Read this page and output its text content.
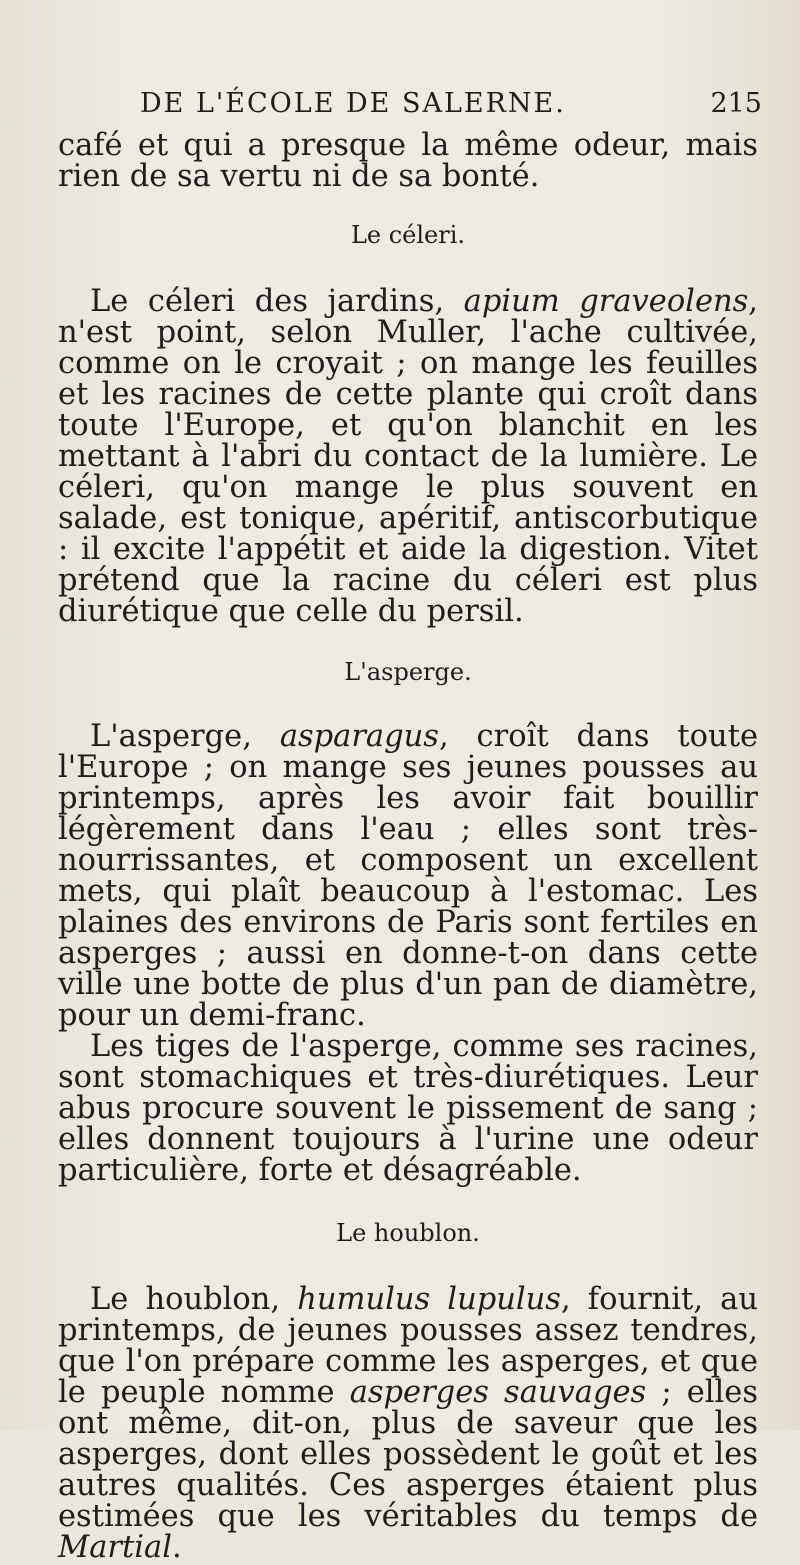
DE L'ÉCOLE DE SALERNE.	215

café et qui a presque la même odeur, mais rien de sa vertu ni de sa bonté.

Le céleri.

Le céleri des jardins, apium graveolens, n'est point, selon Muller, l'ache cultivée, comme on le croyait ; on mange les feuilles et les racines de cette plante qui croît dans toute l'Europe, et qu'on blanchit en les mettant à l'abri du contact de la lumière. Le céleri, qu'on mange le plus souvent en salade, est tonique, apéritif, antiscorbutique : il excite l'appétit et aide la digestion. Vitet prétend que la racine du céleri est plus diurétique que celle du persil.

L'asperge.

L'asperge, asparagus, croît dans toute l'Europe ; on mange ses jeunes pousses au printemps, après les avoir fait bouillir légèrement dans l'eau ; elles sont très-nourrissantes, et composent un excellent mets, qui plaît beaucoup à l'estomac. Les plaines des environs de Paris sont fertiles en asperges ; aussi en donne-t-on dans cette ville une botte de plus d'un pan de diamètre, pour un demi-franc.

Les tiges de l'asperge, comme ses racines, sont stomachiques et très-diurétiques. Leur abus procure souvent le pissement de sang ; elles donnent toujours à l'urine une odeur particulière, forte et désagréable.

Le houblon.

Le houblon, humulus lupulus, fournit, au printemps, de jeunes pousses assez tendres, que l'on prépare comme les asperges, et que le peuple nomme asperges sauvages ; elles ont même, dit-on, plus de saveur que les asperges, dont elles possèdent le goût et les autres qualités. Ces asperges étaient plus estimées que les véritables du temps de Martial.
